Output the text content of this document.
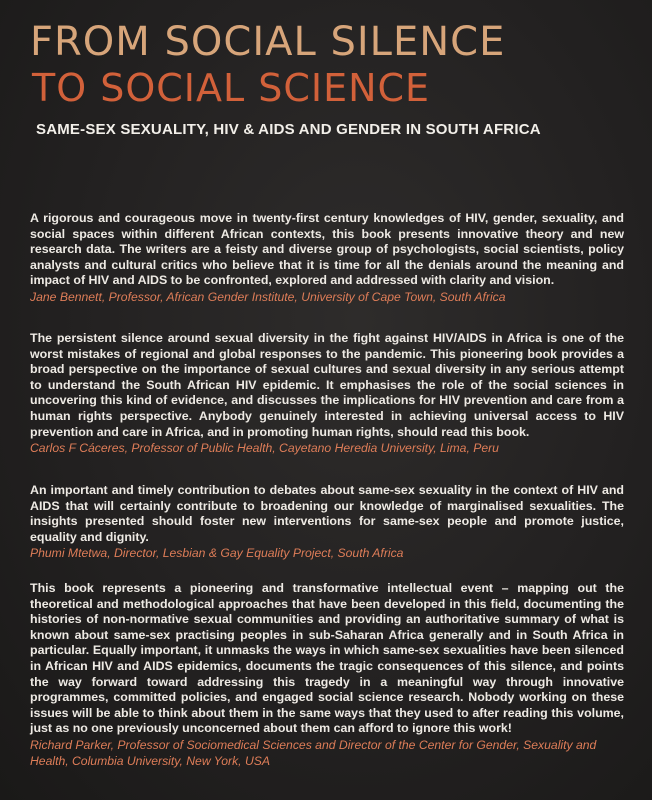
FROM SOCIAL SILENCE
TO SOCIAL SCIENCE
SAME-SEX SEXUALITY, HIV & AIDS AND GENDER IN SOUTH AFRICA
A rigorous and courageous move in twenty-first century knowledges of HIV, gender, sexuality, and social spaces within different African contexts, this book presents innovative theory and new research data. The writers are a feisty and diverse group of psychologists, social scientists, policy analysts and cultural critics who believe that it is time for all the denials around the meaning and impact of HIV and AIDS to be confronted, explored and addressed with clarity and vision.
Jane Bennett, Professor, African Gender Institute, University of Cape Town, South Africa
The persistent silence around sexual diversity in the fight against HIV/AIDS in Africa is one of the worst mistakes of regional and global responses to the pandemic. This pioneering book provides a broad perspective on the importance of sexual cultures and sexual diversity in any serious attempt to understand the South African HIV epidemic. It emphasises the role of the social sciences in uncovering this kind of evidence, and discusses the implications for HIV prevention and care from a human rights perspective. Anybody genuinely interested in achieving universal access to HIV prevention and care in Africa, and in promoting human rights, should read this book.
Carlos F Cáceres, Professor of Public Health, Cayetano Heredia University, Lima, Peru
An important and timely contribution to debates about same-sex sexuality in the context of HIV and AIDS that will certainly contribute to broadening our knowledge of marginalised sexualities. The insights presented should foster new interventions for same-sex people and promote justice, equality and dignity.
Phumi Mtetwa, Director, Lesbian & Gay Equality Project, South Africa
This book represents a pioneering and transformative intellectual event – mapping out the theoretical and methodological approaches that have been developed in this field, documenting the histories of non-normative sexual communities and providing an authoritative summary of what is known about same-sex practising peoples in sub-Saharan Africa generally and in South Africa in particular. Equally important, it unmasks the ways in which same-sex sexualities have been silenced in African HIV and AIDS epidemics, documents the tragic consequences of this silence, and points the way forward toward addressing this tragedy in a meaningful way through innovative programmes, committed policies, and engaged social science research. Nobody working on these issues will be able to think about them in the same ways that they used to after reading this volume, just as no one previously unconcerned about them can afford to ignore this work!
Richard Parker, Professor of Sociomedical Sciences and Director of the Center for Gender, Sexuality and Health, Columbia University, New York, USA
